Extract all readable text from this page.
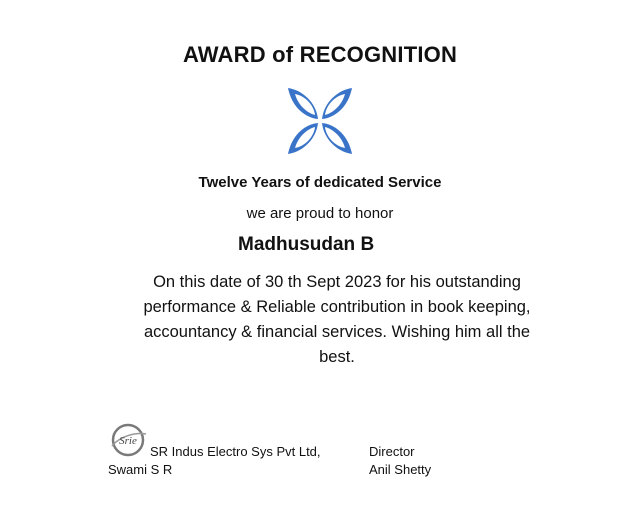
AWARD of RECOGNITION
Twelve Years of dedicated Service
we are proud to honor
Madhusudan B
On this date of 30 th Sept 2023 for his outstanding performance & Reliable contribution in book keeping, accountancy & financial services. Wishing him all the best.
Srie
SR Indus Electro Sys Pvt Ltd,
Swami S R
Director
Anil Shetty
